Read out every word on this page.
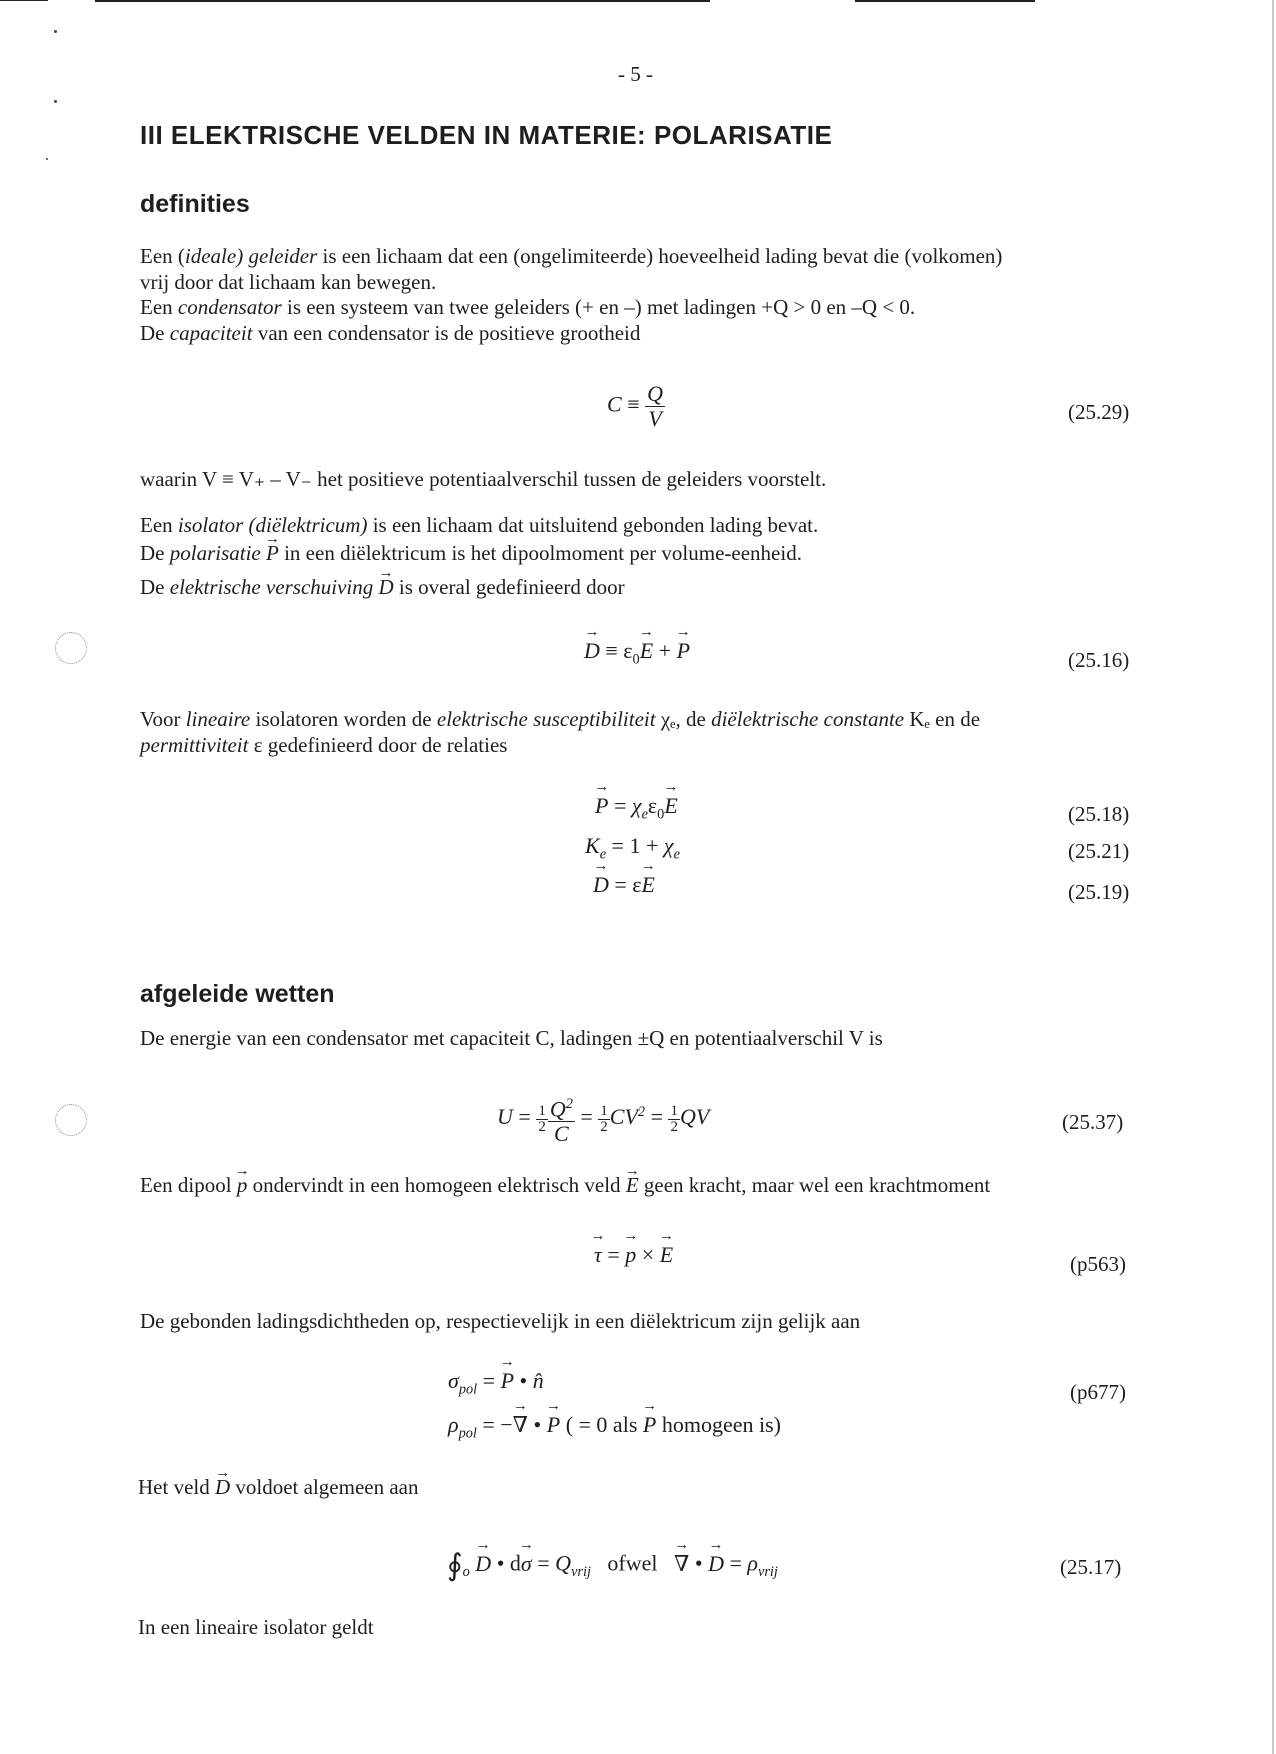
- 5 -
III ELEKTRISCHE VELDEN IN MATERIE: POLARISATIE
definities
Een (ideale) geleider is een lichaam dat een (ongelimiteerde) hoeveelheid lading bevat die (volkomen)
vrij door dat lichaam kan bewegen.
Een condensator is een systeem van twee geleiders (+ en –) met ladingen +Q > 0 en –Q < 0.
De capaciteit van een condensator is de positieve grootheid
$C \equiv \frac{Q}{V}$	(25.29)
waarin V ≡ V₊ – V₋ het positieve potentiaalverschil tussen de geleiders voorstelt.
Een isolator (diëlektricum) is een lichaam dat uitsluitend gebonden lading bevat.
De polarisatie → P in een diëlektricum is het dipoolmoment per volume-eenheid.
De elektrische verschuiving → D is overal gedefinieerd door
→ $D \equiv \varepsilon_0\to E$ + → P	(25.16)
Voor lineaire isolatoren worden de elektrische susceptibiliteit χₑ, de diëlektrische constante Kₑ en de
permittiviteit ε gedefinieerd door de relaties
→ $P = \chi_e\varepsilon_0\to E$	(25.18)
$K_e = 1 + \chi_e$	(25.21)
→ D = ε→ E	(25.19)
afgeleide wetten
De energie van een condensator met capaciteit C, ladingen ±Q en potentiaalverschil V is
$U = \frac{1}{2} \frac{Q^2}{C} = \frac{1}{2} CV^2 = \frac{1}{2}$ QV	(25.37)
Een dipool → p ondervindt in een homogeen elektrisch veld → E geen kracht, maar wel een krachtmoment
→ τ = → p × → E	(p563)
De gebonden ladingsdichtheden op, respectievelijk in een diëlektricum zijn gelijk aan
$\sigma_{pol}$ = → P • n̂
$\rho_{pol}$ = −→ ∇ • → P ( = 0 als → P homogeen is)
(p677)
Het veld → D voldoet algemeen aan
$∮_o \to D$ • $d\to \sigma = Q_{vrij}$   ofwel   → ∇ • → $D = \rho_{vrij}$	(25.17)
In een lineaire isolator geldt
